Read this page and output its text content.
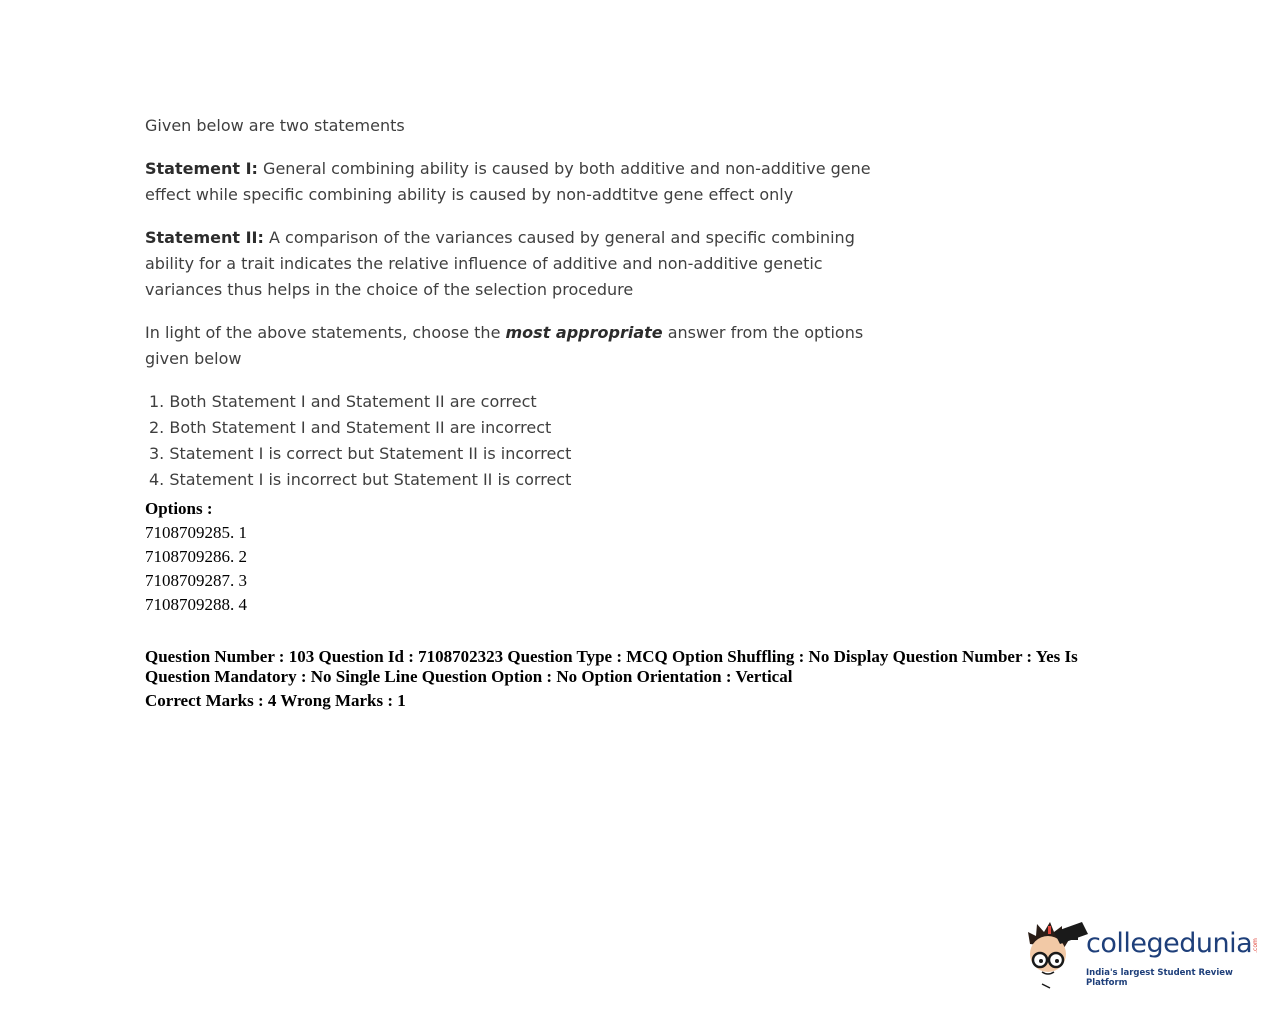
Given below are two statements

Statement I: General combining ability is caused by both additive and non-additive gene effect while specific combining ability is caused by non-addtitve gene effect only

Statement II: A comparison of the variances caused by general and specific combining ability for a trait indicates the relative influence of additive and non-additive genetic variances thus helps in the choice of the selection procedure

In light of the above statements, choose the most appropriate answer from the options given below

1. Both Statement I and Statement II are correct
2. Both Statement I and Statement II are incorrect
3. Statement I is correct but Statement II is incorrect
4. Statement I is incorrect but Statement II is correct
Options :
7108709285. 1
7108709286. 2
7108709287. 3
7108709288. 4
Question Number : 103 Question Id : 7108702323 Question Type : MCQ Option Shuffling : No Display Question Number : Yes Is Question Mandatory : No Single Line Question Option : No Option Orientation : Vertical
Correct Marks : 4 Wrong Marks : 1
collegedunia .com
India's largest Student Review Platform
